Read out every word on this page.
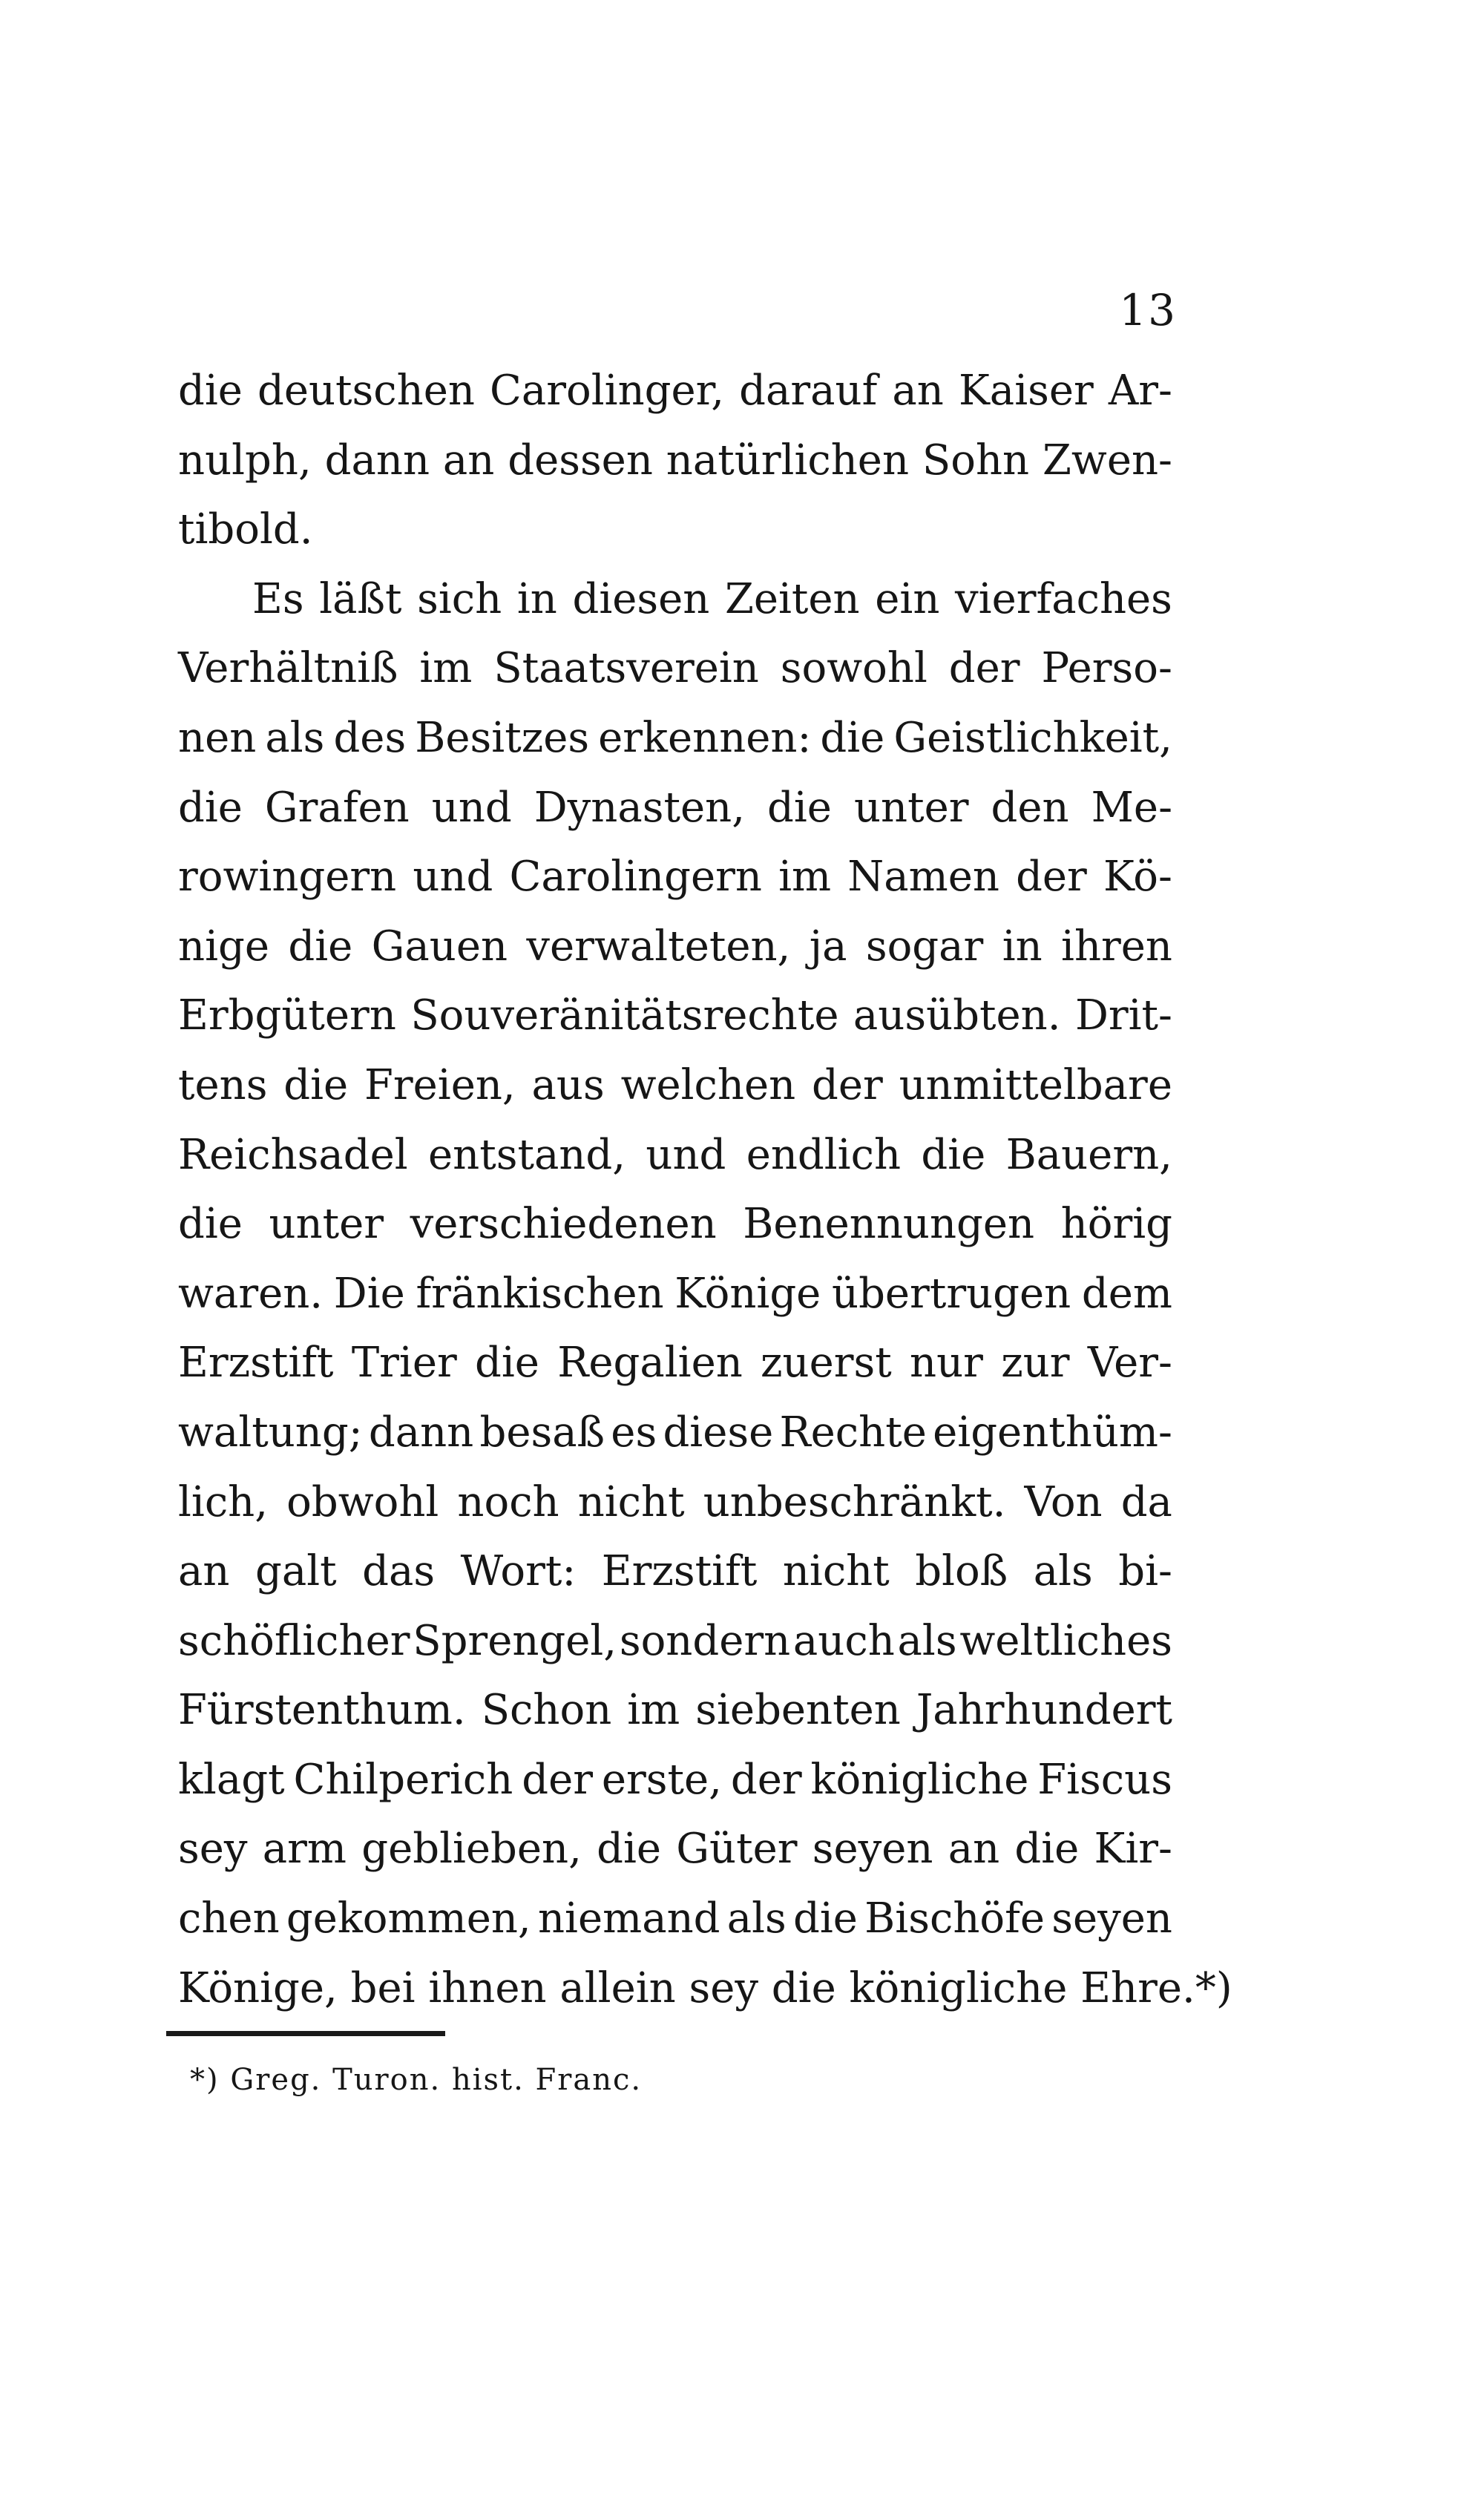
13
die deutschen Carolinger, darauf an Kaiser Ar-
nulph, dann an dessen natürlichen Sohn Zwen-
tibold.
Es läßt sich in diesen Zeiten ein vierfaches
Verhältniß im Staatsverein sowohl der Perso-
nen als des Besitzes erkennen: die Geistlichkeit,
die Grafen und Dynasten, die unter den Me-
rowingern und Carolingern im Namen der Kö-
nige die Gauen verwalteten, ja sogar in ihren
Erbgütern Souveränitätsrechte ausübten. Drit-
tens die Freien, aus welchen der unmittelbare
Reichsadel entstand, und endlich die Bauern,
die unter verschiedenen Benennungen hörig
waren. Die fränkischen Könige übertrugen dem
Erzstift Trier die Regalien zuerst nur zur Ver-
waltung; dann besaß es diese Rechte eigenthüm-
lich, obwohl noch nicht unbeschränkt. Von da
an galt das Wort: Erzstift nicht bloß als bi-
schöflicher Sprengel, sondern auch als weltliches
Fürstenthum. Schon im siebenten Jahrhundert
klagt Chilperich der erste, der königliche Fiscus
sey arm geblieben, die Güter seyen an die Kir-
chen gekommen, niemand als die Bischöfe seyen
Könige, bei ihnen allein sey die königliche Ehre.*)
*) Greg. Turon. hist. Franc.
